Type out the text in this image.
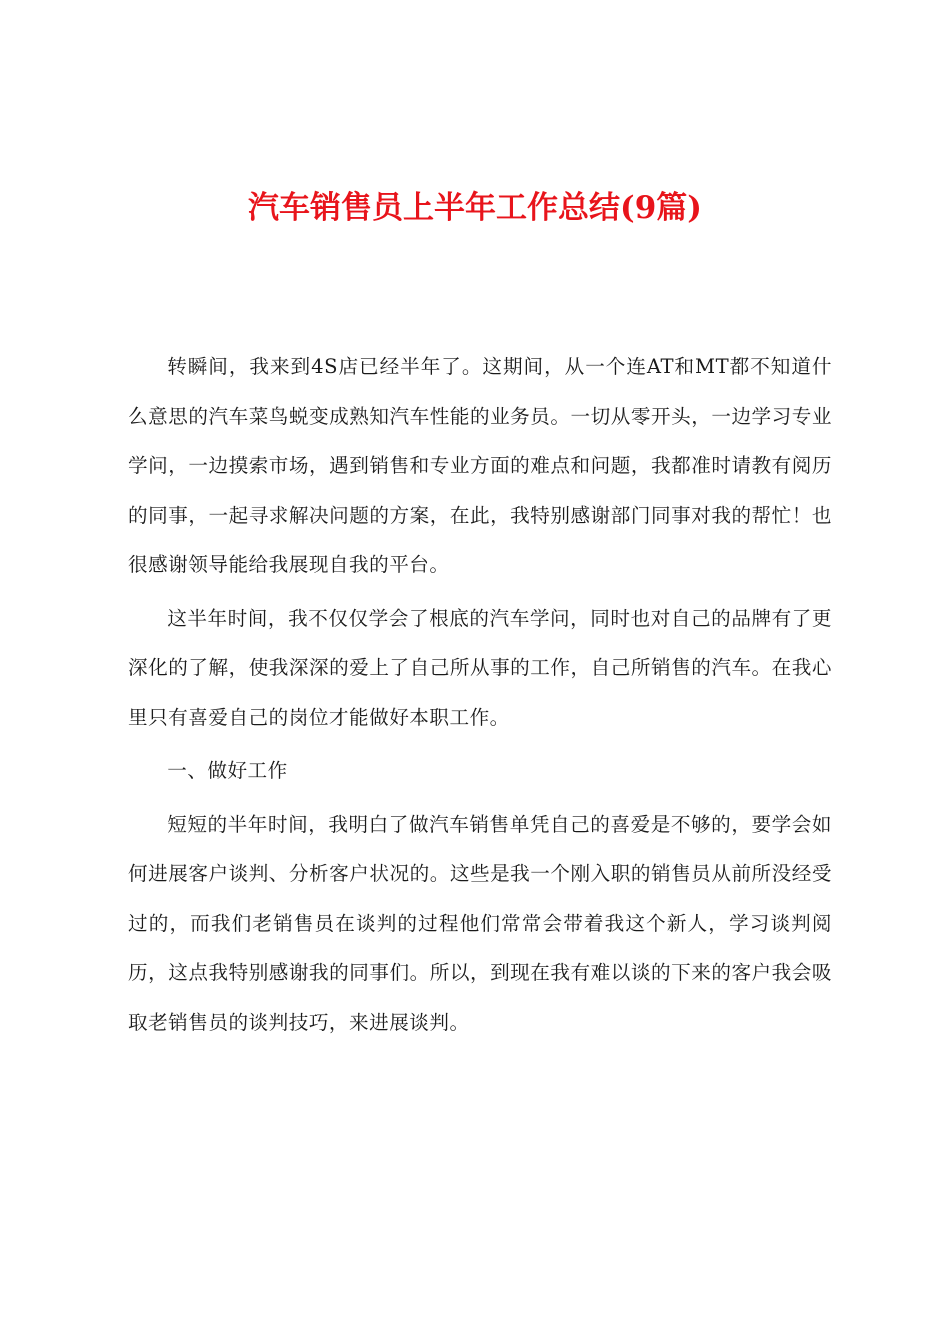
汽车销售员上半年工作总结(9篇)

转瞬间，我来到4S店已经半年了。这期间，从一个连AT和MT都不知道什么意思的汽车菜鸟蜕变成熟知汽车性能的业务员。一切从零开头，一边学习专业学问，一边摸索市场，遇到销售和专业方面的难点和问题，我都准时请教有阅历的同事，一起寻求解决问题的方案，在此，我特别感谢部门同事对我的帮忙！也很感谢领导能给我展现自我的平台。

这半年时间，我不仅仅学会了根底的汽车学问，同时也对自己的品牌有了更深化的了解，使我深深的爱上了自己所从事的工作，自己所销售的汽车。在我心里只有喜爱自己的岗位才能做好本职工作。

一、做好工作

短短的半年时间，我明白了做汽车销售单凭自己的喜爱是不够的，要学会如何进展客户谈判、分析客户状况的。这些是我一个刚入职的销售员从前所没经受过的，而我们老销售员在谈判的过程他们常常会带着我这个新人，学习谈判阅历，这点我特别感谢我的同事们。所以，到现在我有难以谈的下来的客户我会吸取老销售员的谈判技巧，来进展谈判。
